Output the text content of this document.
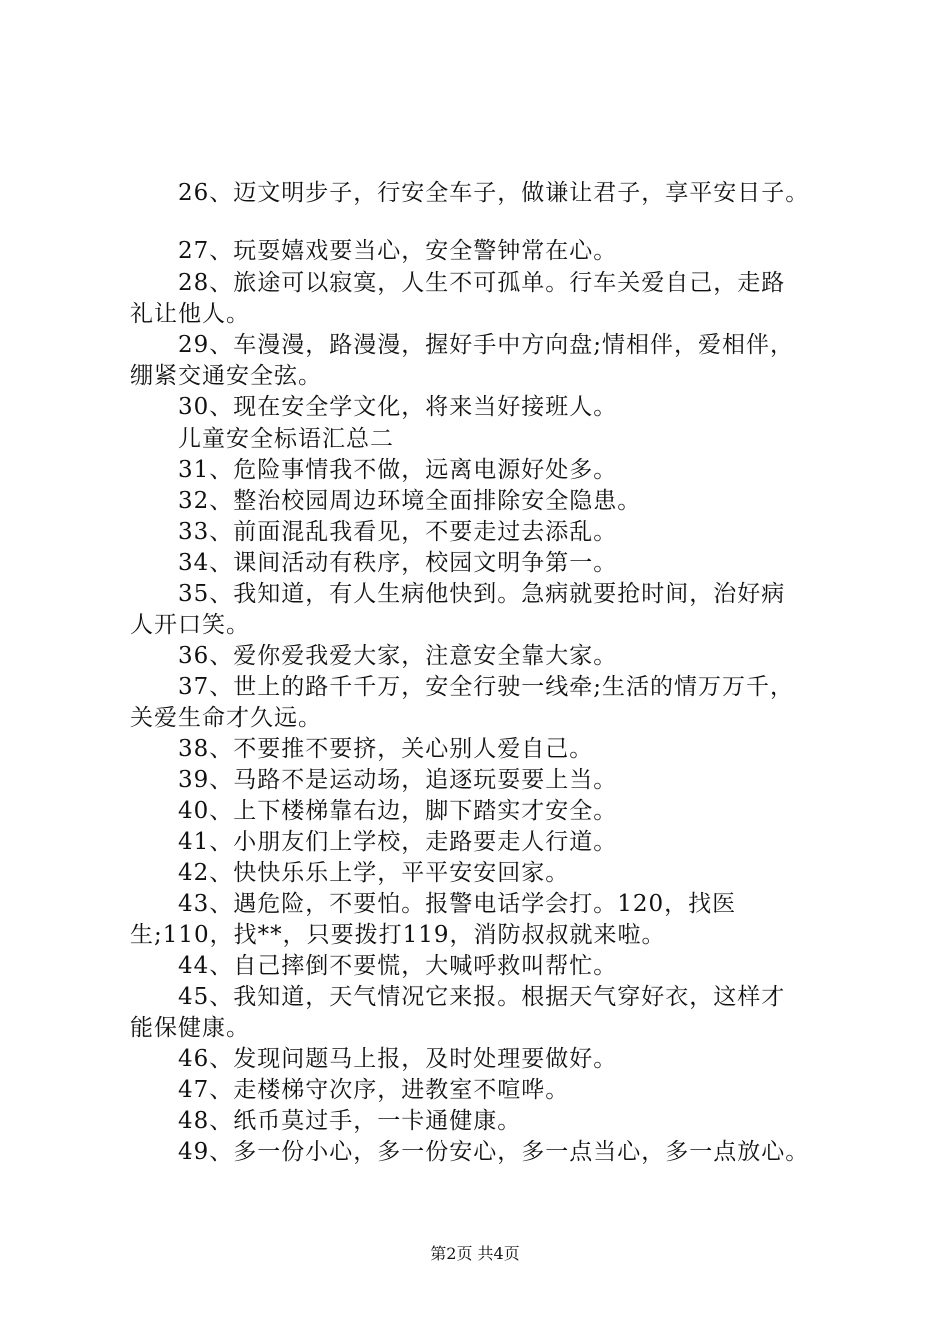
26、迈文明步子，行安全车子，做谦让君子，享平安日子。
27、玩耍嬉戏要当心，安全警钟常在心。
28、旅途可以寂寞，人生不可孤单。行车关爱自己，走路
礼让他人。
29、车漫漫，路漫漫，握好手中方向盘;情相伴，爱相伴，
绷紧交通安全弦。
30、现在安全学文化，将来当好接班人。
儿童安全标语汇总二
31、危险事情我不做，远离电源好处多。
32、整治校园周边环境全面排除安全隐患。
33、前面混乱我看见，不要走过去添乱。
34、课间活动有秩序，校园文明争第一。
35、我知道，有人生病他快到。急病就要抢时间，治好病
人开口笑。
36、爱你爱我爱大家，注意安全靠大家。
37、世上的路千千万，安全行驶一线牵;生活的情万万千，
关爱生命才久远。
38、不要推不要挤，关心别人爱自己。
39、马路不是运动场，追逐玩耍要上当。
40、上下楼梯靠右边，脚下踏实才安全。
41、小朋友们上学校，走路要走人行道。
42、快快乐乐上学，平平安安回家。
43、遇危险，不要怕。报警电话学会打。120，找医
生;110，找**，只要拨打119，消防叔叔就来啦。
44、自己摔倒不要慌，大喊呼救叫帮忙。
45、我知道，天气情况它来报。根据天气穿好衣，这样才
能保健康。
46、发现问题马上报，及时处理要做好。
47、走楼梯守次序，进教室不喧哗。
48、纸币莫过手，一卡通健康。
49、多一份小心，多一份安心，多一点当心，多一点放心。
第2页 共4页
